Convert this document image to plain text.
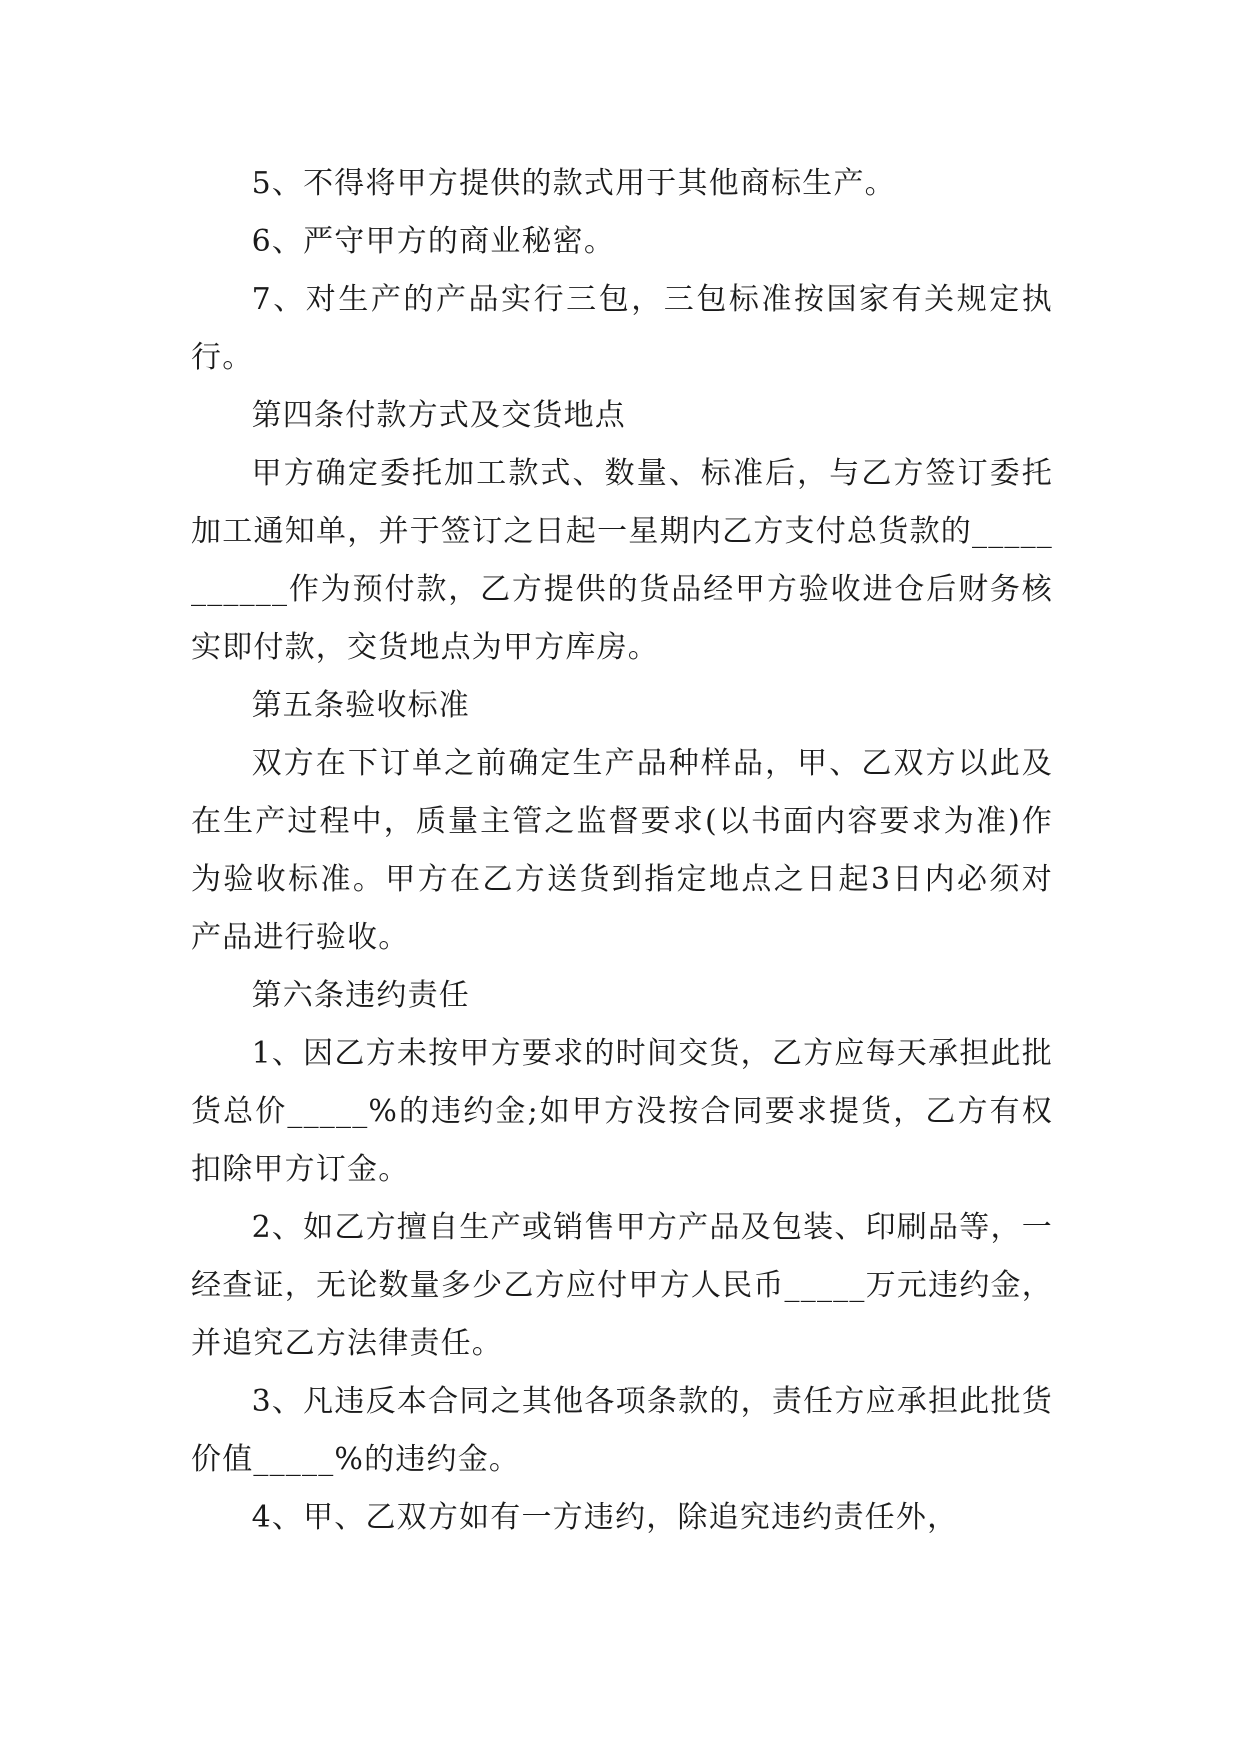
5、不得将甲方提供的款式用于其他商标生产。

6、严守甲方的商业秘密。

7、对生产的产品实行三包，三包标准按国家有关规定执行。

第四条付款方式及交货地点

甲方确定委托加工款式、数量、标准后，与乙方签订委托加工通知单，并于签订之日起一星期内乙方支付总货款的___________作为预付款，乙方提供的货品经甲方验收进仓后财务核实即付款，交货地点为甲方库房。

第五条验收标准

双方在下订单之前确定生产品种样品，甲、乙双方以此及在生产过程中，质量主管之监督要求(以书面内容要求为准)作为验收标准。甲方在乙方送货到指定地点之日起3日内必须对产品进行验收。

第六条违约责任

1、因乙方未按甲方要求的时间交货，乙方应每天承担此批货总价_____%的违约金;如甲方没按合同要求提货，乙方有权扣除甲方订金。

2、如乙方擅自生产或销售甲方产品及包装、印刷品等，一经查证，无论数量多少乙方应付甲方人民币_____万元违约金，并追究乙方法律责任。

3、凡违反本合同之其他各项条款的，责任方应承担此批货价值_____%的违约金。

4、甲、乙双方如有一方违约，除追究违约责任外，
